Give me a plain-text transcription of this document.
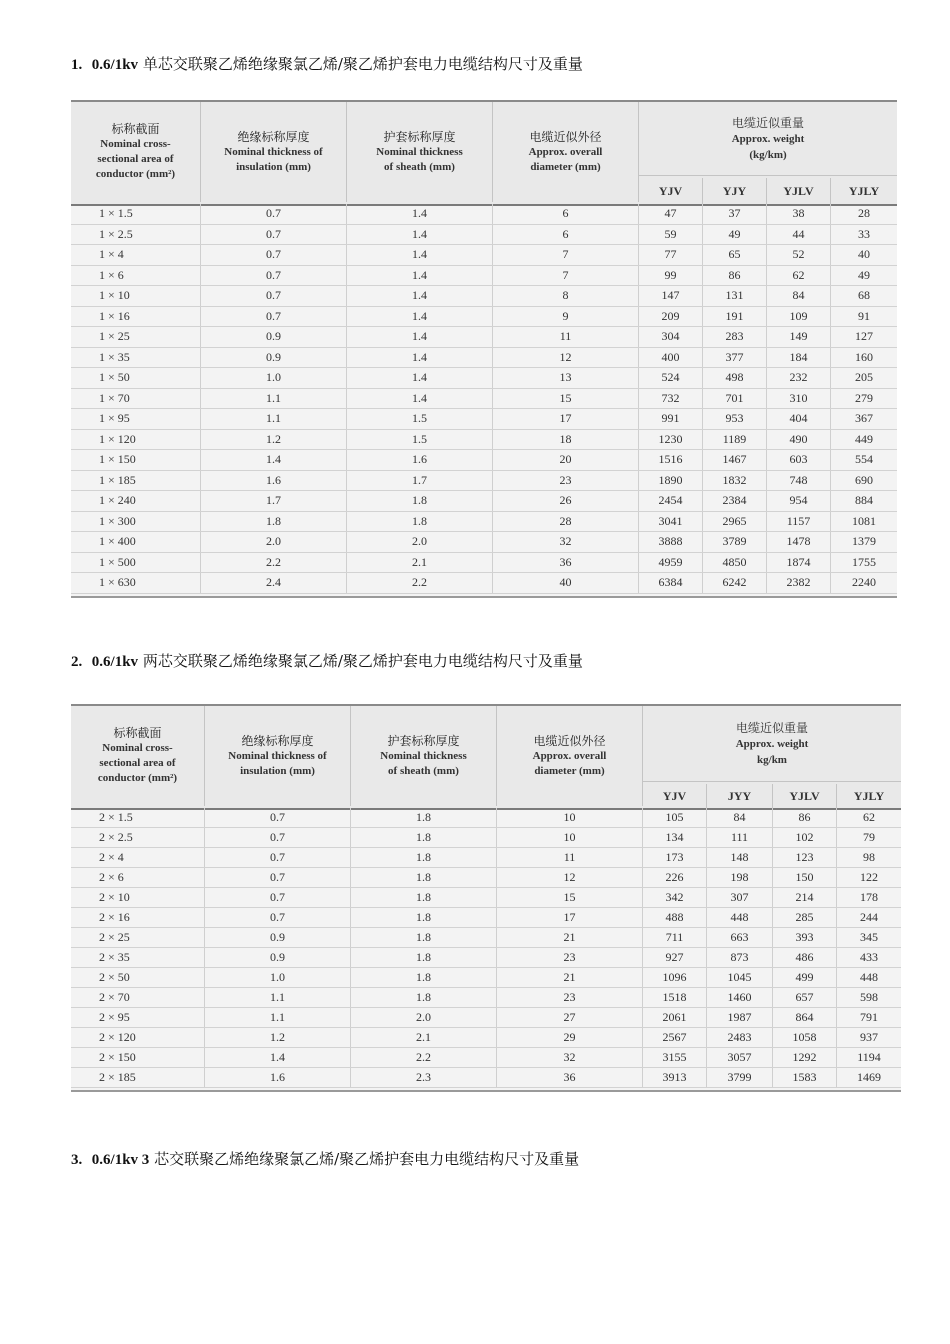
1. 0.6/1kv 单芯交联聚乙烯绝缘聚氯乙烯/聚乙烯护套电力电缆结构尺寸及重量
2. 0.6/1kv 两芯交联聚乙烯绝缘聚氯乙烯/聚乙烯护套电力电缆结构尺寸及重量
3. 0.6/1kv 3 芯交联聚乙烯绝缘聚氯乙烯/聚乙烯护套电力电缆结构尺寸及重量
标称截面
Nominal cross-sectional area of conductor (mm²)
绝缘标称厚度
Nominal thickness of insulation (mm)
护套标称厚度
Nominal thickness of sheath (mm)
电缆近似外径
Approx. overall diameter (mm)
电缆近似重量
Approx. weight
(kg/km)
YJV	YJY	YJLV	YJLY
1 × 1.5	0.7	1.4	6	47	37	38	28
1 × 2.5	0.7	1.4	6	59	49	44	33
1 × 4	0.7	1.4	7	77	65	52	40
1 × 6	0.7	1.4	7	99	86	62	49
1 × 10	0.7	1.4	8	147	131	84	68
1 × 16	0.7	1.4	9	209	191	109	91
1 × 25	0.9	1.4	11	304	283	149	127
1 × 35	0.9	1.4	12	400	377	184	160
1 × 50	1.0	1.4	13	524	498	232	205
1 × 70	1.1	1.4	15	732	701	310	279
1 × 95	1.1	1.5	17	991	953	404	367
1 × 120	1.2	1.5	18	1230	1189	490	449
1 × 150	1.4	1.6	20	1516	1467	603	554
1 × 185	1.6	1.7	23	1890	1832	748	690
1 × 240	1.7	1.8	26	2454	2384	954	884
1 × 300	1.8	1.8	28	3041	2965	1157	1081
1 × 400	2.0	2.0	32	3888	3789	1478	1379
1 × 500	2.2	2.1	36	4959	4850	1874	1755
1 × 630	2.4	2.2	40	6384	6242	2382	2240
标称截面
Nominal cross-sectional area of conductor (mm²)
绝缘标称厚度
Nominal thickness of insulation (mm)
护套标称厚度
Nominal thickness of sheath (mm)
电缆近似外径
Approx. overall diameter (mm)
电缆近似重量
Approx. weight
kg/km
YJV	JYY	YJLV	YJLY
2 × 1.5	0.7	1.8	10	105	84	86	62
2 × 2.5	0.7	1.8	10	134	111	102	79
2 × 4	0.7	1.8	11	173	148	123	98
2 × 6	0.7	1.8	12	226	198	150	122
2 × 10	0.7	1.8	15	342	307	214	178
2 × 16	0.7	1.8	17	488	448	285	244
2 × 25	0.9	1.8	21	711	663	393	345
2 × 35	0.9	1.8	23	927	873	486	433
2 × 50	1.0	1.8	21	1096	1045	499	448
2 × 70	1.1	1.8	23	1518	1460	657	598
2 × 95	1.1	2.0	27	2061	1987	864	791
2 × 120	1.2	2.1	29	2567	2483	1058	937
2 × 150	1.4	2.2	32	3155	3057	1292	1194
2 × 185	1.6	2.3	36	3913	3799	1583	1469
